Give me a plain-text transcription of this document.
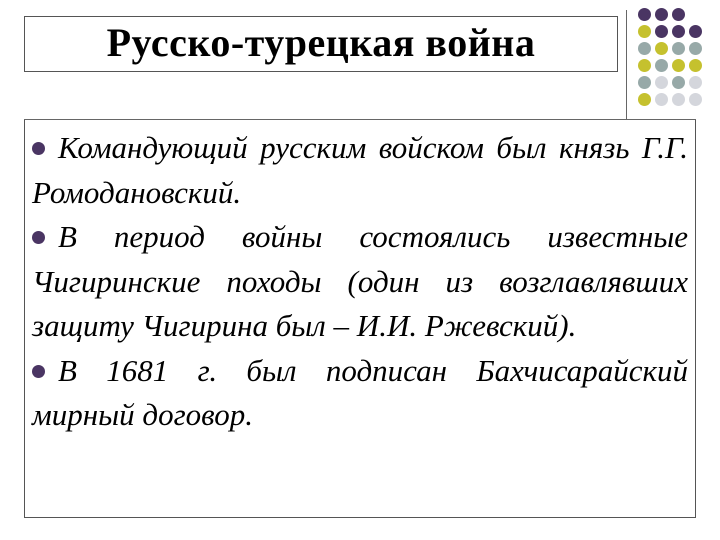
Русско-турецкая война

Командующий русским войском был князь Г.Г. Ромодановский.

В период войны состоялись известные Чигиринские походы (один из возглавлявших защиту Чигирина был – И.И. Ржевский).

В 1681 г. был подписан Бахчисарайский мирный договор.
